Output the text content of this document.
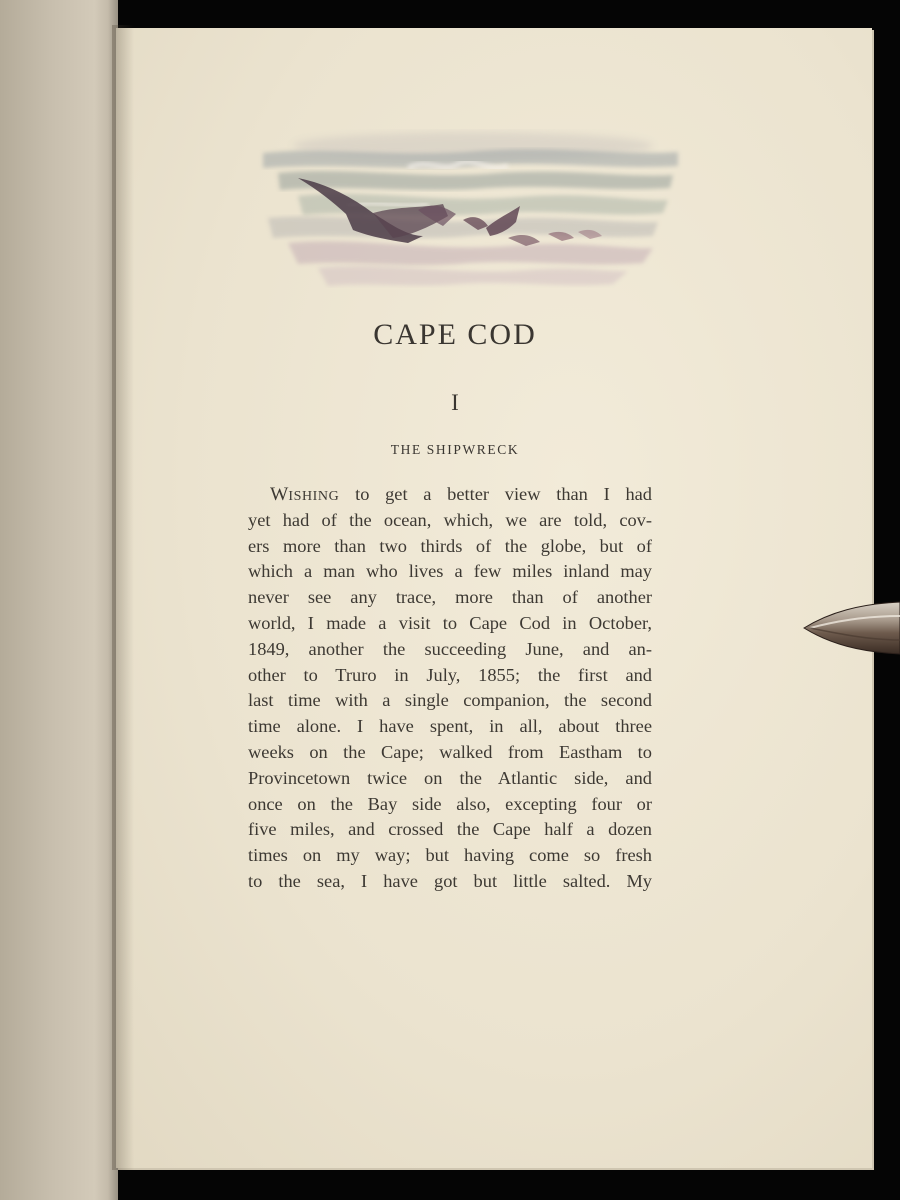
CAPE COD
I
THE SHIPWRECK
WISHING to get a better view than I had
yet had of the ocean, which, we are told, cov-
ers more than two thirds of the globe, but of
which a man who lives a few miles inland may
never see any trace, more than of another
world, I made a visit to Cape Cod in October,
1849, another the succeeding June, and an-
other to Truro in July, 1855; the first and
last time with a single companion, the second
time alone. I have spent, in all, about three
weeks on the Cape; walked from Eastham to
Provincetown twice on the Atlantic side, and
once on the Bay side also, excepting four or
five miles, and crossed the Cape half a dozen
times on my way; but having come so fresh
to the sea, I have got but little salted. My
